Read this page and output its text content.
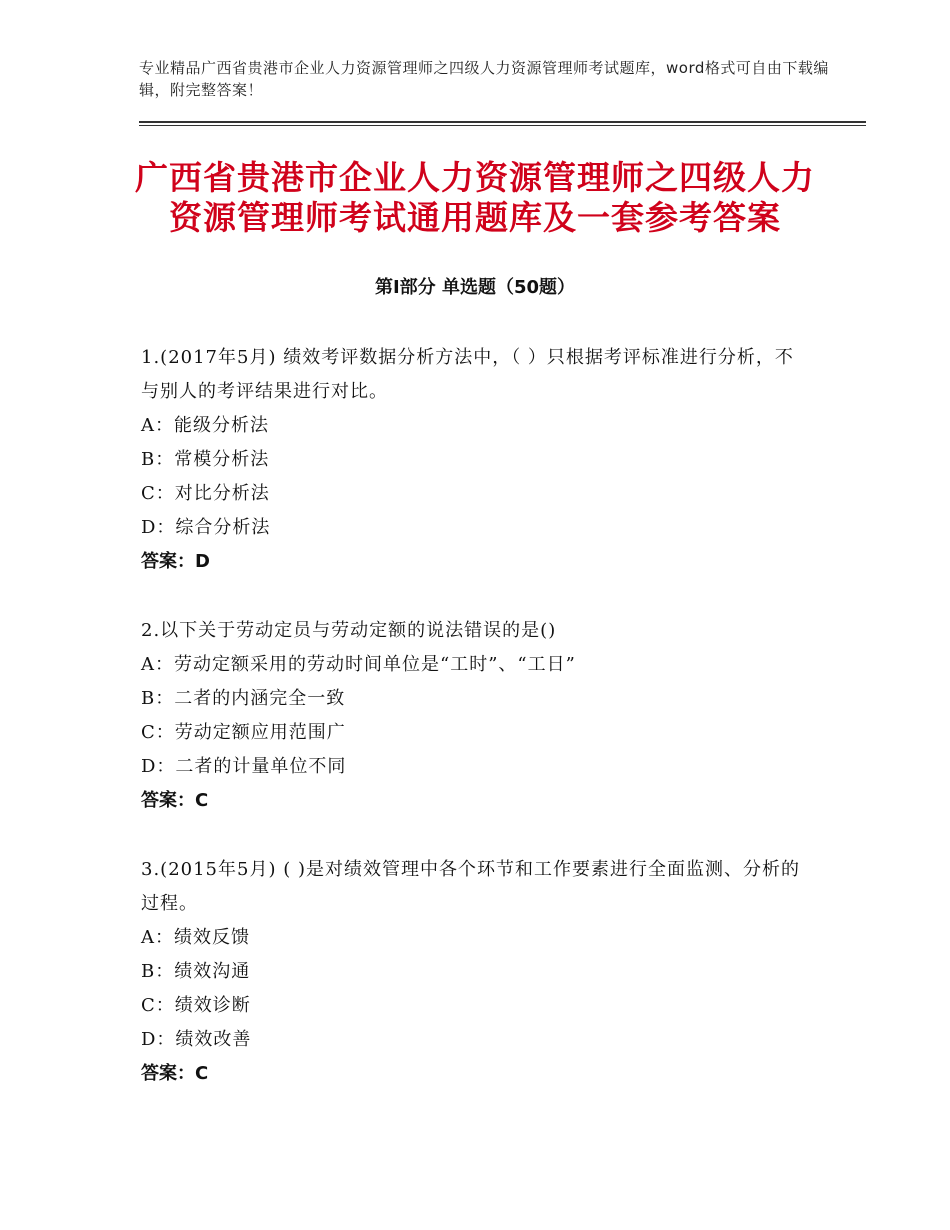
专业精品广西省贵港市企业人力资源管理师之四级人力资源管理师考试题库，word格式可自由下载编辑，附完整答案！
广西省贵港市企业人力资源管理师之四级人力资源管理师考试通用题库及一套参考答案
第Ⅰ部分 单选题（50题）
1.(2017年5月) 绩效考评数据分析方法中，（ ）只根据考评标准进行分析，不与别人的考评结果进行对比。
A：能级分析法
B：常模分析法
C：对比分析法
D：综合分析法
答案：D
2.以下关于劳动定员与劳动定额的说法错误的是()
A：劳动定额采用的劳动时间单位是“工时”、“工日”
B：二者的内涵完全一致
C：劳动定额应用范围广
D：二者的计量单位不同
答案：C
3.(2015年5月) ( )是对绩效管理中各个环节和工作要素进行全面监测、分析的过程。
A：绩效反馈
B：绩效沟通
C：绩效诊断
D：绩效改善
答案：C
